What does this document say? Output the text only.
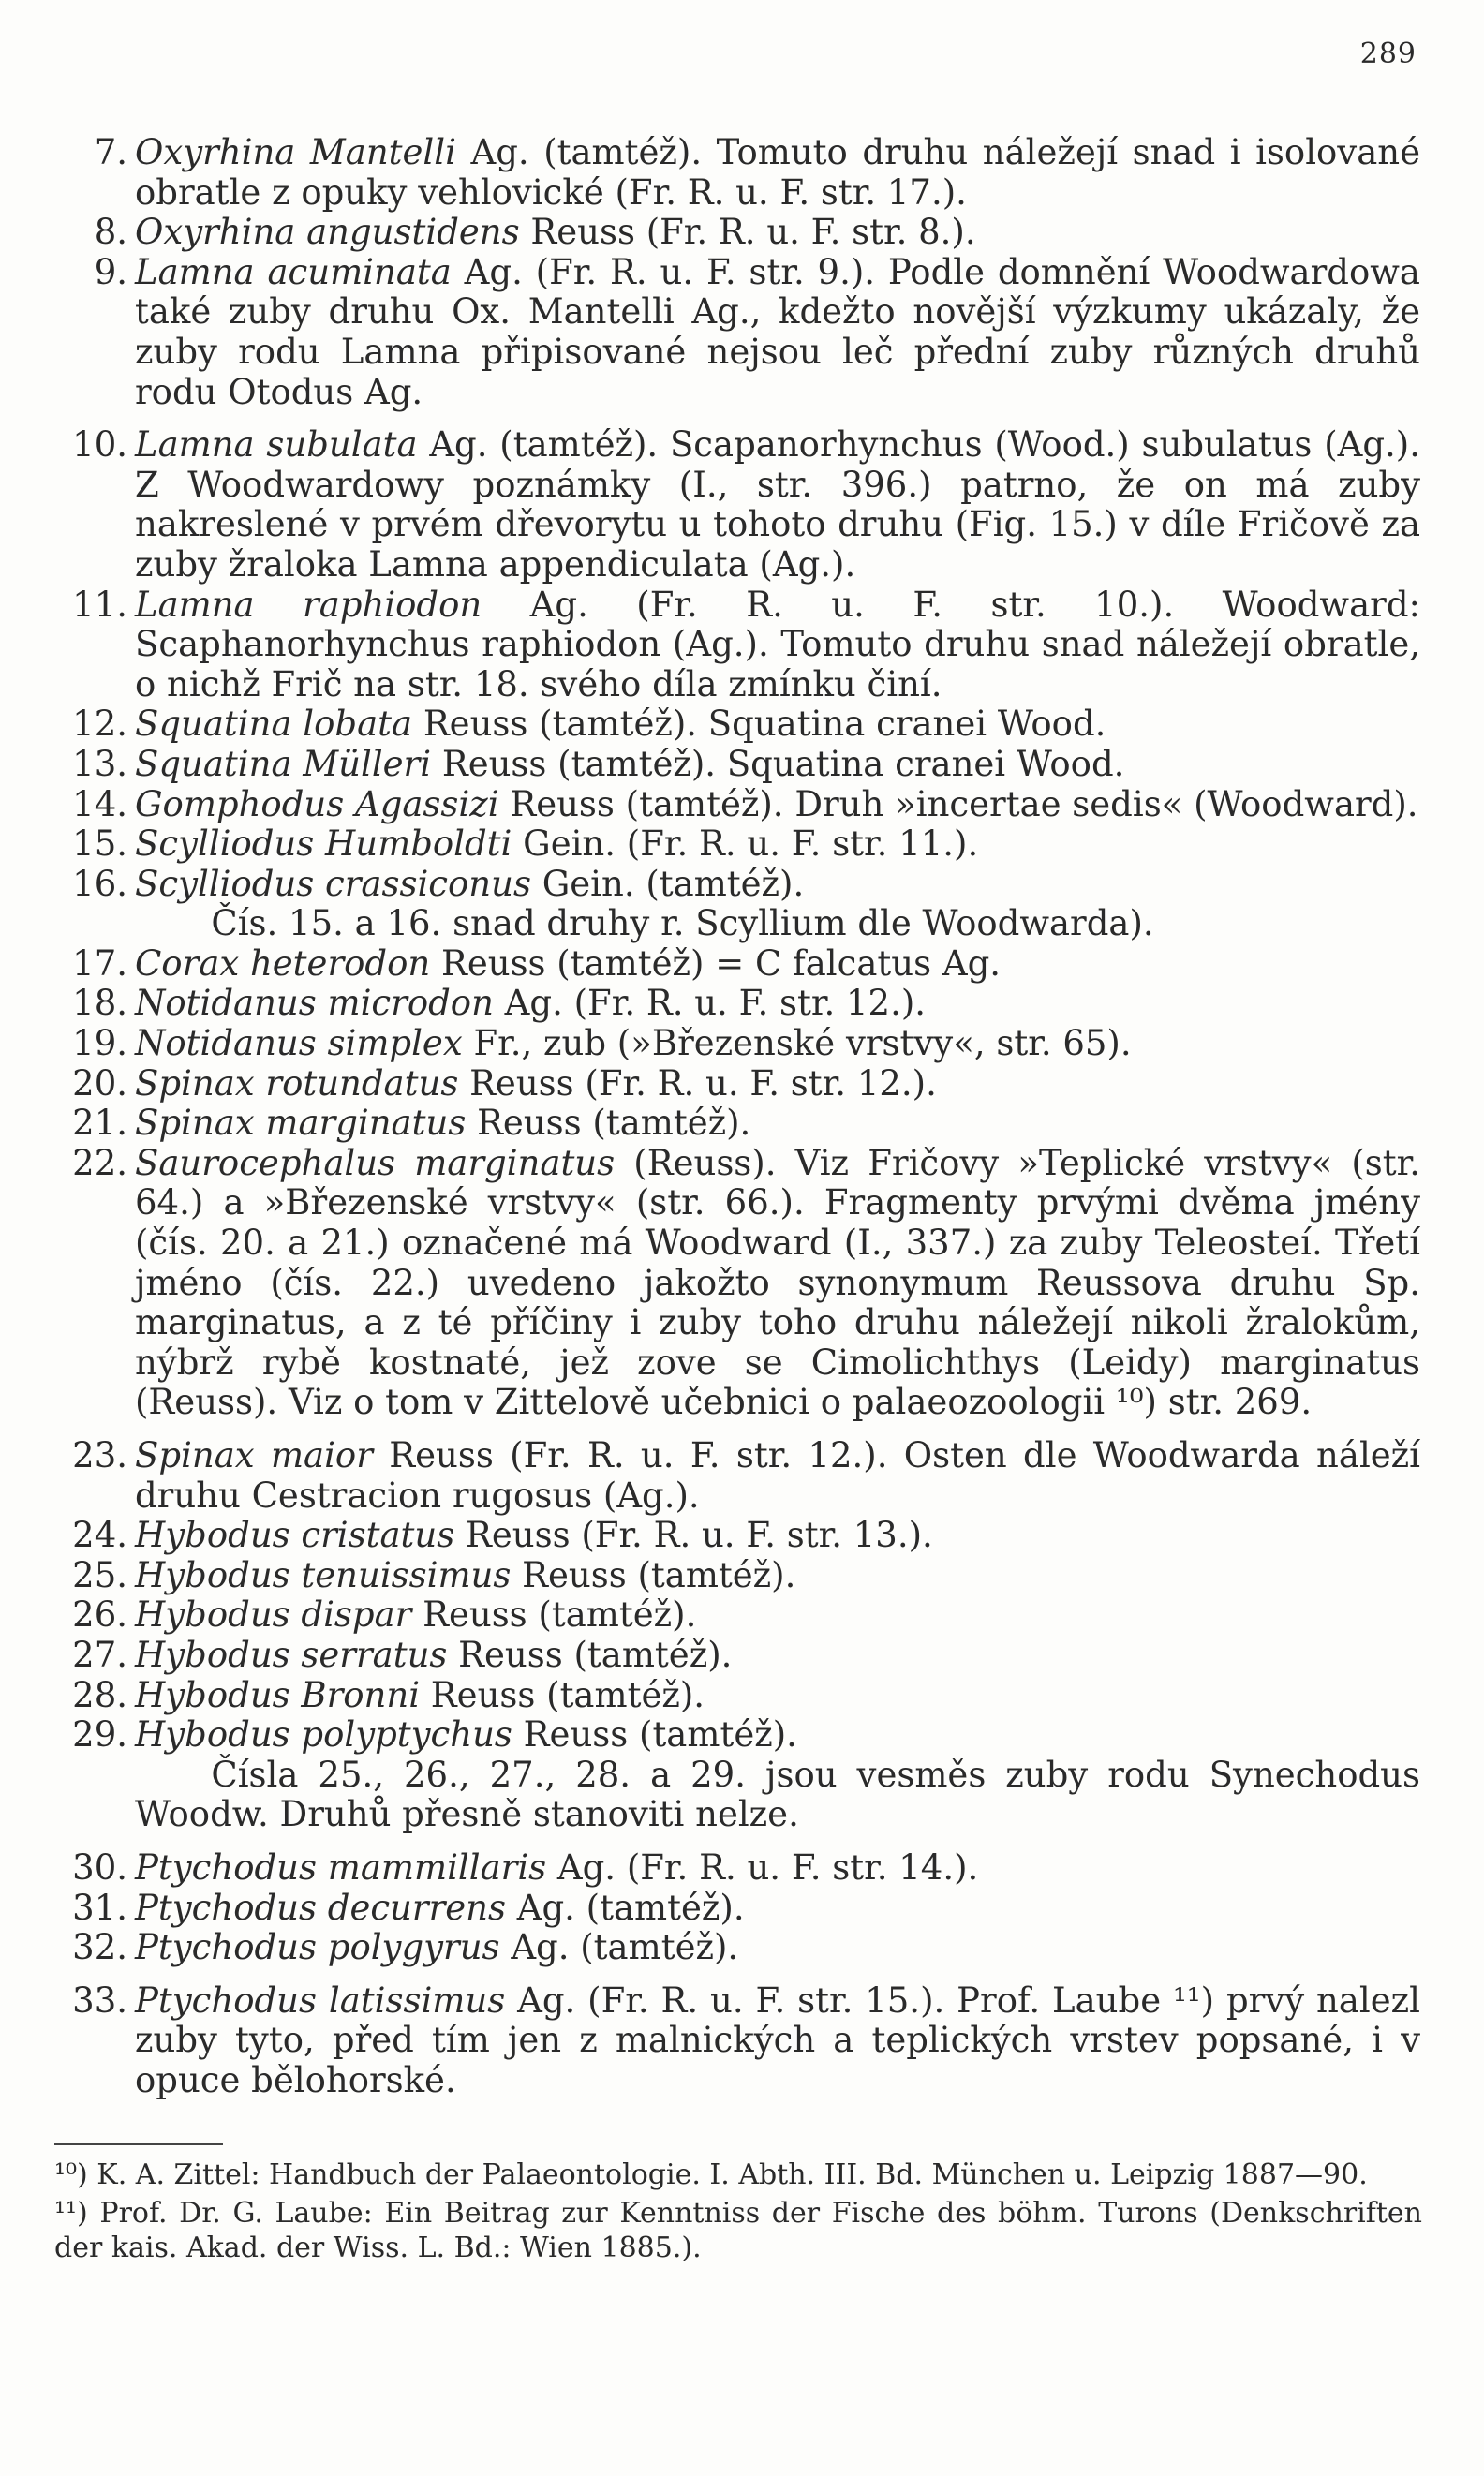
289
7. Oxyrhina Mantelli Ag. (tamtéž). Tomuto druhu náležejí snad i isolované obratle z opuky vehlovické (Fr. R. u. F. str. 17.).
8. Oxyrhina angustidens Reuss (Fr. R. u. F. str. 8.).
9. Lamna acuminata Ag. (Fr. R. u. F. str. 9.). Podle domnění Woodwardowa také zuby druhu Ox. Mantelli Ag., kdežto novější výzkumy ukázaly, že zuby rodu Lamna připisované nejsou leč přední zuby různých druhů rodu Otodus Ag.
10. Lamna subulata Ag. (tamtéž). Scapanorhynchus (Wood.) subulatus (Ag.). Z Woodwardowy poznámky (I., str. 396.) patrno, že on má zuby nakreslené v prvém dřevorytu u tohoto druhu (Fig. 15.) v díle Fričově za zuby žraloka Lamna appendiculata (Ag.).
11. Lamna raphiodon Ag. (Fr. R. u. F. str. 10.). Woodward: Scaphanorhynchus raphiodon (Ag.). Tomuto druhu snad náležejí obratle, o nichž Frič na str. 18. svého díla zmínku činí.
12. Squatina lobata Reuss (tamtéž). Squatina cranei Wood.
13. Squatina Mülleri Reuss (tamtéž). Squatina cranei Wood.
14. Gomphodus Agassizi Reuss (tamtéž). Druh »incertae sedis« (Woodward).
15. Scylliodus Humboldti Gein. (Fr. R. u. F. str. 11.).
16. Scylliodus crassiconus Gein. (tamtéž).
Čís. 15. a 16. snad druhy r. Scyllium dle Woodwarda).
17. Corax heterodon Reuss (tamtéž) = C falcatus Ag.
18. Notidanus microdon Ag. (Fr. R. u. F. str. 12.).
19. Notidanus simplex Fr., zub (»Březenské vrstvy«, str. 65).
20. Spinax rotundatus Reuss (Fr. R. u. F. str. 12.).
21. Spinax marginatus Reuss (tamtéž).
22. Saurocephalus marginatus (Reuss). Viz Fričovy »Teplické vrstvy« (str. 64.) a »Březenské vrstvy« (str. 66.). Fragmenty prvými dvěma jmény (čís. 20. a 21.) označené má Woodward (I., 337.) za zuby Teleosteí. Třetí jméno (čís. 22.) uvedeno jakožto synonymum Reussova druhu Sp. marginatus, a z té příčiny i zuby toho druhu náležejí nikoli žralokům, nýbrž rybě kostnaté, jež zove se Cimolichthys (Leidy) marginatus (Reuss). Viz o tom v Zittelově učebnici o palaeozoologii ¹⁰) str. 269.
23. Spinax maior Reuss (Fr. R. u. F. str. 12.). Osten dle Woodwarda náleží druhu Cestracion rugosus (Ag.).
24. Hybodus cristatus Reuss (Fr. R. u. F. str. 13.).
25. Hybodus tenuissimus Reuss (tamtéž).
26. Hybodus dispar Reuss (tamtéž).
27. Hybodus serratus Reuss (tamtéž).
28. Hybodus Bronni Reuss (tamtéž).
29. Hybodus polyptychus Reuss (tamtéž).
Čísla 25., 26., 27., 28. a 29. jsou vesměs zuby rodu Synechodus Woodw. Druhů přesně stanoviti nelze.
30. Ptychodus mammillaris Ag. (Fr. R. u. F. str. 14.).
31. Ptychodus decurrens Ag. (tamtéž).
32. Ptychodus polygyrus Ag. (tamtéž).
33. Ptychodus latissimus Ag. (Fr. R. u. F. str. 15.). Prof. Laube ¹¹) prvý nalezl zuby tyto, před tím jen z malnických a teplických vrstev popsané, i v opuce bělohorské.
¹⁰) K. A. Zittel: Handbuch der Palaeontologie. I. Abth. III. Bd. München u. Leipzig 1887—90.
¹¹) Prof. Dr. G. Laube: Ein Beitrag zur Kenntniss der Fische des böhm. Turons (Denkschriften der kais. Akad. der Wiss. L. Bd.: Wien 1885.).
